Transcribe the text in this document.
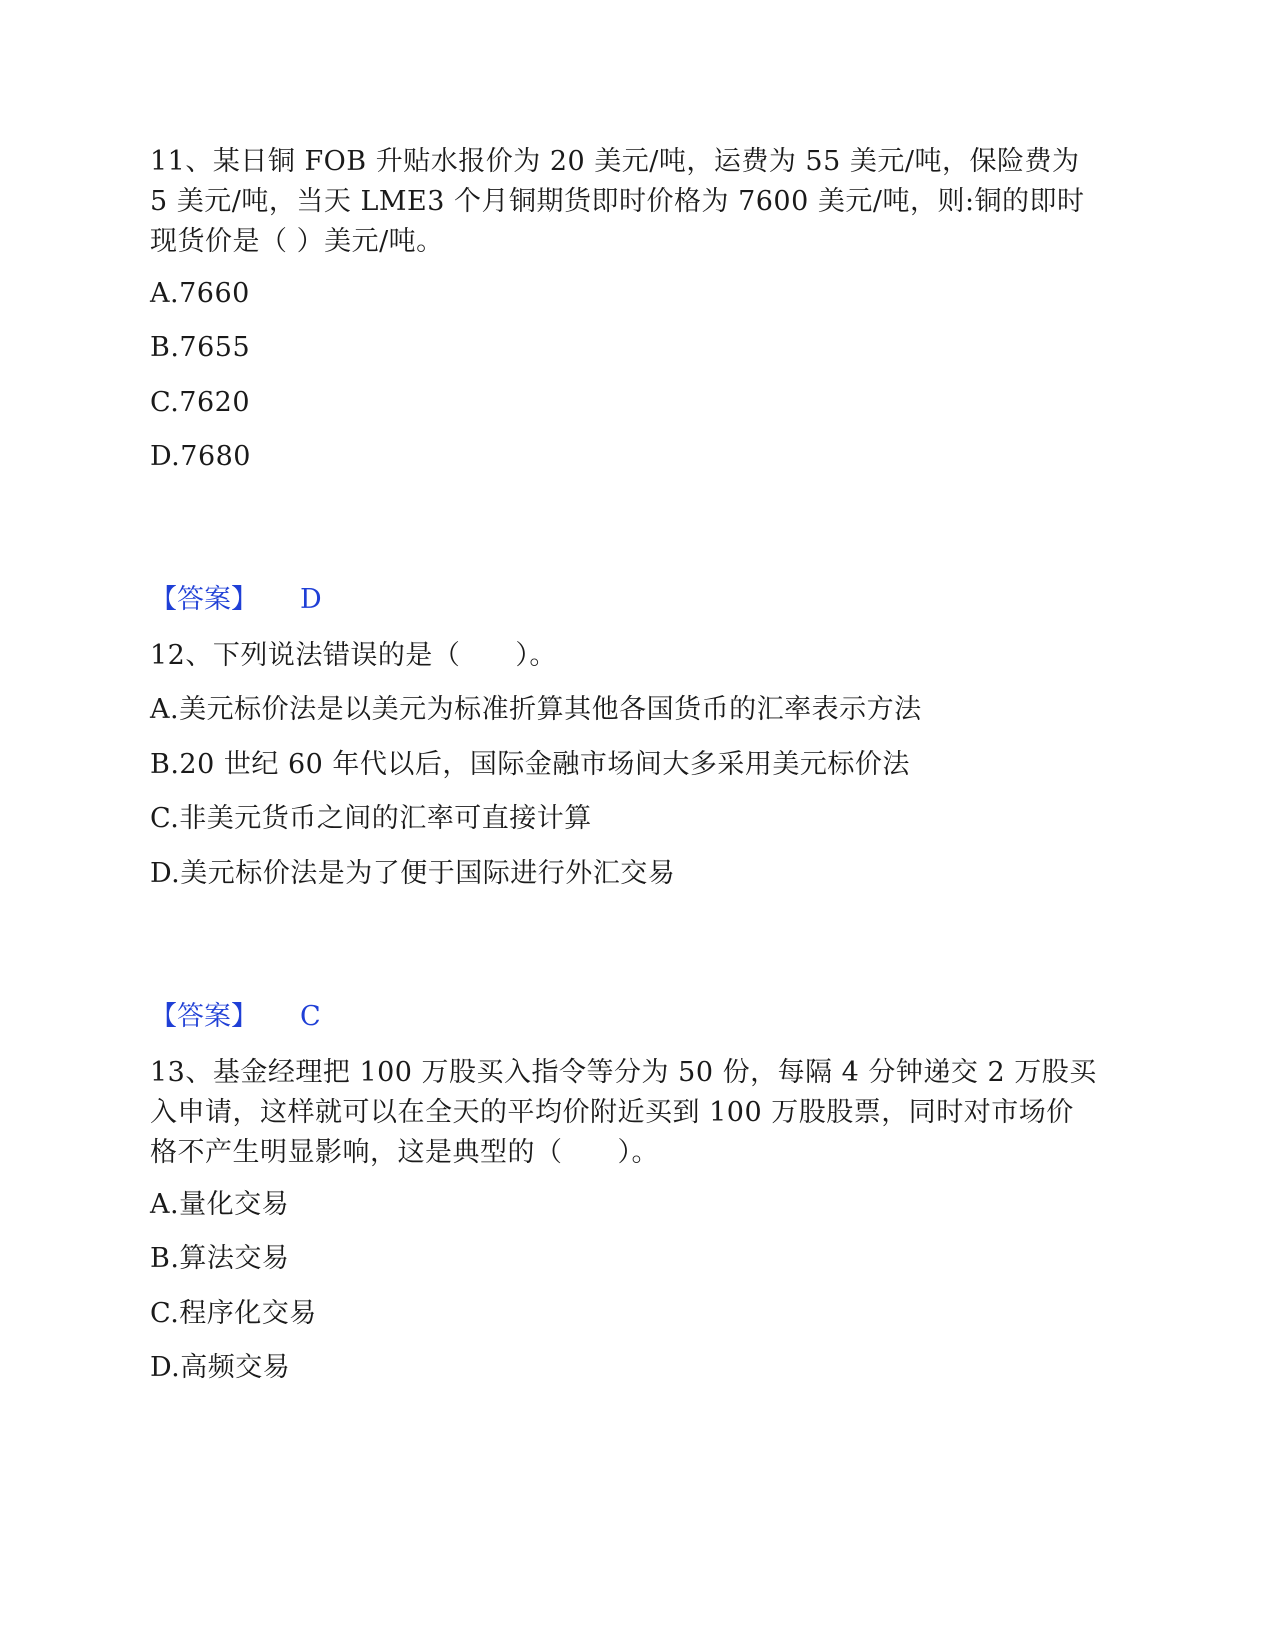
11、某日铜 FOB 升贴水报价为 20 美元/吨，运费为 55 美元/吨，保险费为 5 美元/吨，当天 LME3 个月铜期货即时价格为 7600 美元/吨，则:铜的即时现货价是（ ）美元/吨。

A.7660

B.7655

C.7620

D.7680

【答案】 D

12、下列说法错误的是（　　）。

A.美元标价法是以美元为标准折算其他各国货币的汇率表示方法

B.20 世纪 60 年代以后，国际金融市场间大多采用美元标价法

C.非美元货币之间的汇率可直接计算

D.美元标价法是为了便于国际进行外汇交易

【答案】 C

13、基金经理把 100 万股买入指令等分为 50 份，每隔 4 分钟递交 2 万股买入申请，这样就可以在全天的平均价附近买到 100 万股股票，同时对市场价格不产生明显影响，这是典型的（　　）。

A.量化交易

B.算法交易

C.程序化交易

D.高频交易
